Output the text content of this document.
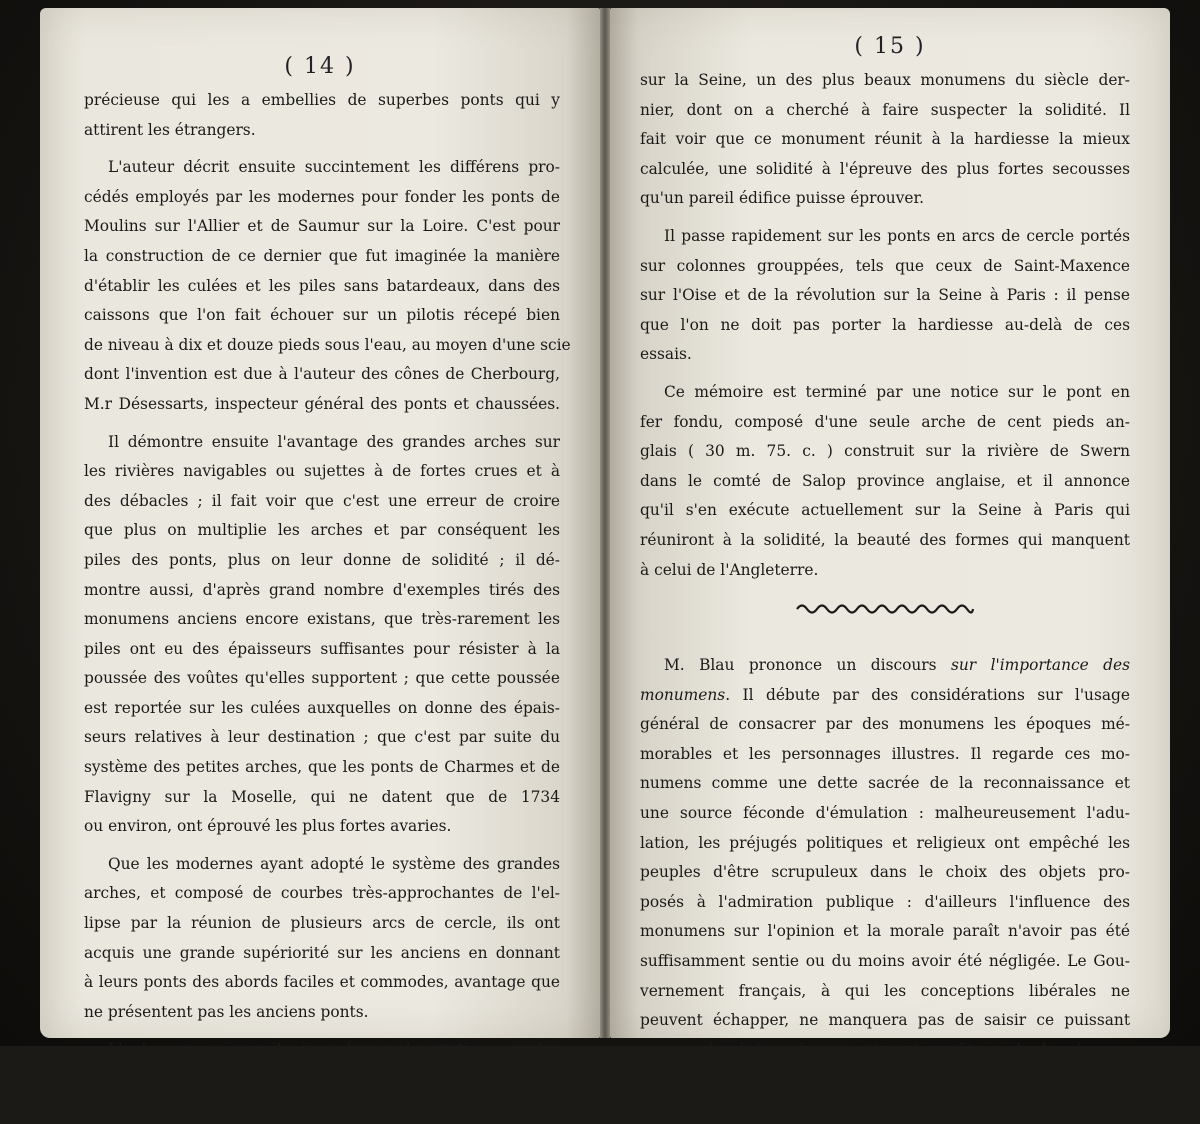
( 14 )
précieuse qui les a embellies de superbes ponts qui y
attirent les étrangers.
L'auteur décrit ensuite succintement les différens pro-
cédés employés par les modernes pour fonder les ponts de
Moulins sur l'Allier et de Saumur sur la Loire. C'est pour
la construction de ce dernier que fut imaginée la manière
d'établir les culées et les piles sans batardeaux, dans des
caissons que l'on fait échouer sur un pilotis récepé bien
de niveau à dix et douze pieds sous l'eau, au moyen d'une scie
dont l'invention est due à l'auteur des cônes de Cherbourg,
M.r Désessarts, inspecteur général des ponts et chaussées.
Il démontre ensuite l'avantage des grandes arches sur
les rivières navigables ou sujettes à de fortes crues et à
des débacles ; il fait voir que c'est une erreur de croire
que plus on multiplie les arches et par conséquent les
piles des ponts, plus on leur donne de solidité ; il dé-
montre aussi, d'après grand nombre d'exemples tirés des
monumens anciens encore existans, que très-rarement les
piles ont eu des épaisseurs suffisantes pour résister à la
poussée des voûtes qu'elles supportent ; que cette poussée
est reportée sur les culées auxquelles on donne des épais-
seurs relatives à leur destination ; que c'est par suite du
système des petites arches, que les ponts de Charmes et de
Flavigny sur la Moselle, qui ne datent que de 1734
ou environ, ont éprouvé les plus fortes avaries.
Que les modernes ayant adopté le système des grandes
arches, et composé de courbes très-approchantes de l'el-
lipse par la réunion de plusieurs arcs de cercle, ils ont
acquis une grande supériorité sur les anciens en donnant
à leurs ponts des abords faciles et commodes, avantage que
ne présentent pas les anciens ponts.
L'auteur passe ensuite à quelques observations sur les
causes qui peuvent déterminer la chûte des ponts : il en
fait une application particulière au grand pont de Neuilly
( 15 )
sur la Seine, un des plus beaux monumens du siècle der-
nier, dont on a cherché à faire suspecter la solidité. Il
fait voir que ce monument réunit à la hardiesse la mieux
calculée, une solidité à l'épreuve des plus fortes secousses
qu'un pareil édifice puisse éprouver.
Il passe rapidement sur les ponts en arcs de cercle portés
sur colonnes grouppées, tels que ceux de Saint-Maxence
sur l'Oise et de la révolution sur la Seine à Paris : il pense
que l'on ne doit pas porter la hardiesse au-delà de ces
essais.
Ce mémoire est terminé par une notice sur le pont en
fer fondu, composé d'une seule arche de cent pieds an-
glais ( 30 m. 75. c. ) construit sur la rivière de Swern
dans le comté de Salop province anglaise, et il annonce
qu'il s'en exécute actuellement sur la Seine à Paris qui
réuniront à la solidité, la beauté des formes qui manquent
à celui de l'Angleterre.
M. Blau prononce un discours sur l'importance des
monumens. Il débute par des considérations sur l'usage
général de consacrer par des monumens les époques mé-
morables et les personnages illustres. Il regarde ces mo-
numens comme une dette sacrée de la reconnaissance et
une source féconde d'émulation : malheureusement l'adu-
lation, les préjugés politiques et religieux ont empêché les
peuples d'être scrupuleux dans le choix des objets pro-
posés à l'admiration publique : d'ailleurs l'influence des
monumens sur l'opinion et la morale paraît n'avoir pas été
suffisamment sentie ou du moins avoir été négligée. Le Gou-
vernement français, à qui les conceptions libérales ne
peuvent échapper, ne manquera pas de saisir ce puissant
moyen de diriger les esprits, et profitera de la circons-
tance favorable que présente la disparition des anciens
